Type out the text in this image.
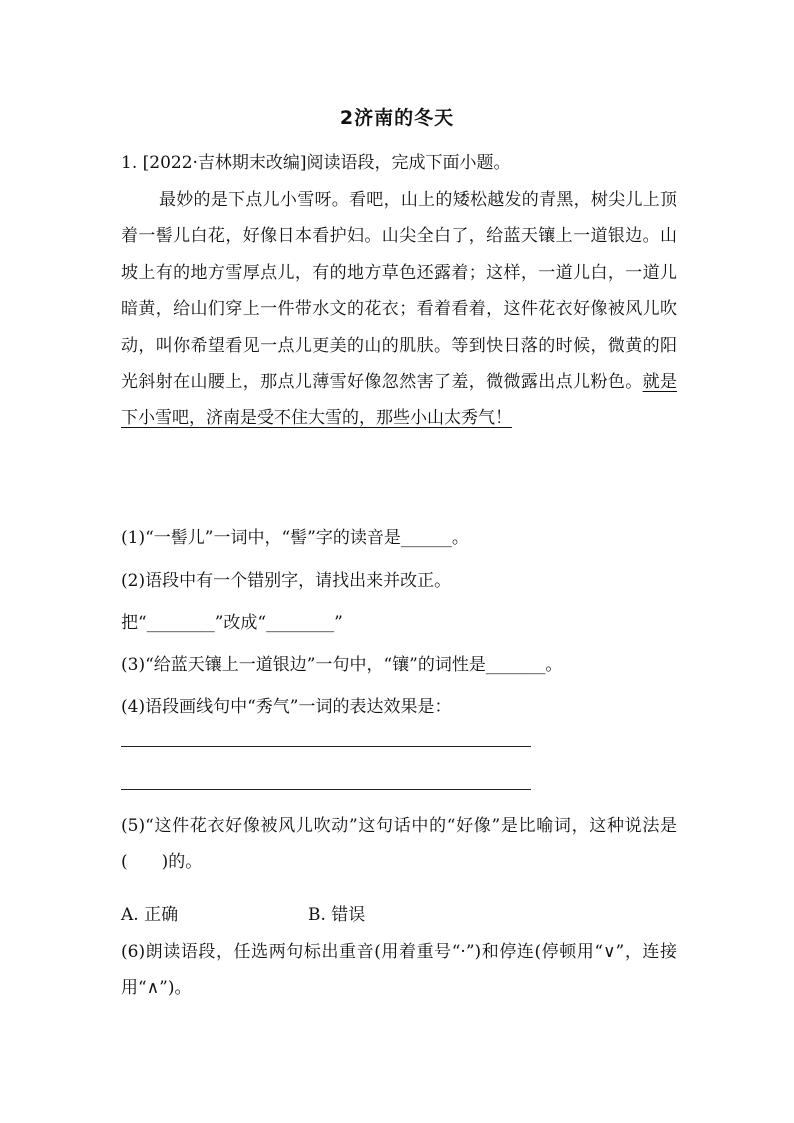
2济南的冬天
1. [2022·吉林期末改编]阅读语段，完成下面小题。
最妙的是下点儿小雪呀。看吧，山上的矮松越发的青黑，树尖儿上顶着一髻儿白花，好像日本看护妇。山尖全白了，给蓝天镶上一道银边。山坡上有的地方雪厚点儿，有的地方草色还露着；这样，一道儿白，一道儿暗黄，给山们穿上一件带水文的花衣；看着看着，这件花衣好像被风儿吹动，叫你希望看见一点儿更美的山的肌肤。等到快日落的时候，微黄的阳光斜射在山腰上，那点儿薄雪好像忽然害了羞，微微露出点儿粉色。就是下小雪吧，济南是受不住大雪的，那些小山太秀气！
(1)“一髻儿”一词中，“髻”字的读音是______。
(2)语段中有一个错别字，请找出来并改正。
把“________”改成“________”
(3)“给蓝天镶上一道银边”一句中，“镶”的词性是_______。
(4)语段画线句中“秀气”一词的表达效果是：
(5)“这件花衣好像被风儿吹动”这句话中的“好像”是比喻词，这种说法是(　　)的。
A. 正确	B. 错误
(6)朗读语段，任选两句标出重音(用着重号“·”)和停连(停顿用“∨”，连接用“∧”)。
